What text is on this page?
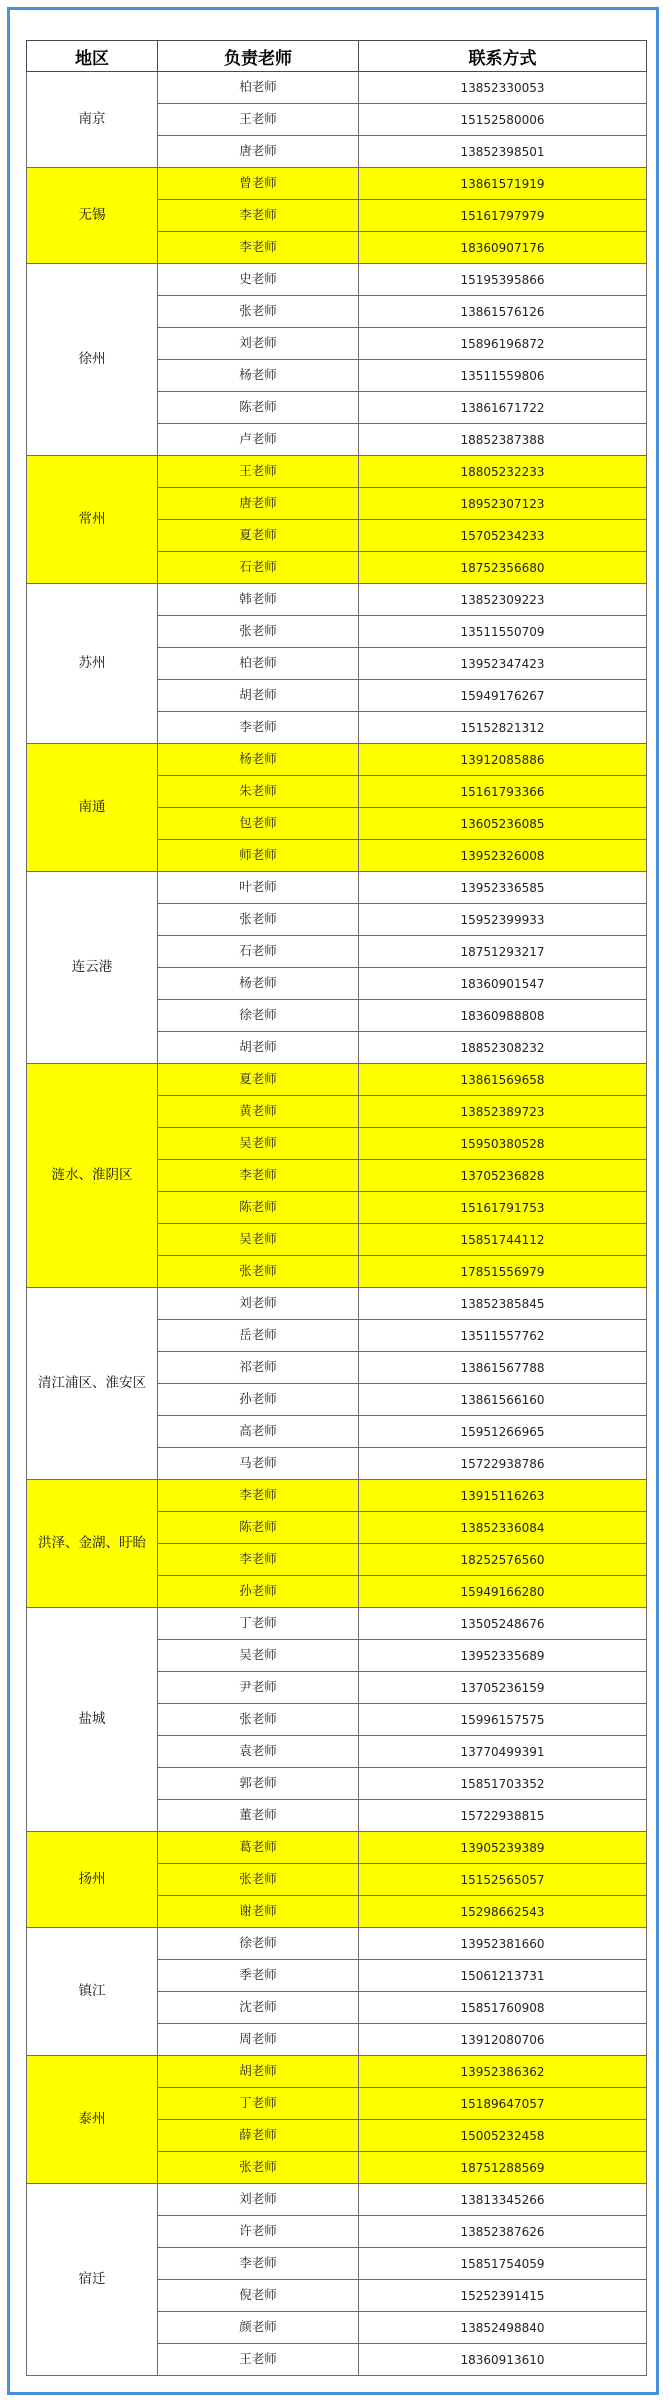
地区	负责老师	联系方式
南京	柏老师	13852330053
	王老师	15152580006
	唐老师	13852398501
无锡	曾老师	13861571919
	李老师	15161797979
	李老师	18360907176
徐州	史老师	15195395866
	张老师	13861576126
	刘老师	15896196872
	杨老师	13511559806
	陈老师	13861671722
	卢老师	18852387388
常州	王老师	18805232233
	唐老师	18952307123
	夏老师	15705234233
	石老师	18752356680
苏州	韩老师	13852309223
	张老师	13511550709
	柏老师	13952347423
	胡老师	15949176267
	李老师	15152821312
南通	杨老师	13912085886
	朱老师	15161793366
	包老师	13605236085
	师老师	13952326008
连云港	叶老师	13952336585
	张老师	15952399933
	石老师	18751293217
	杨老师	18360901547
	徐老师	18360988808
	胡老师	18852308232
涟水、淮阴区	夏老师	13861569658
	黄老师	13852389723
	吴老师	15950380528
	李老师	13705236828
	陈老师	15161791753
	吴老师	15851744112
	张老师	17851556979
清江浦区、淮安区	刘老师	13852385845
	岳老师	13511557762
	祁老师	13861567788
	孙老师	13861566160
	高老师	15951266965
	马老师	15722938786
洪泽、金湖、盱眙	李老师	13915116263
	陈老师	13852336084
	李老师	18252576560
	孙老师	15949166280
盐城	丁老师	13505248676
	吴老师	13952335689
	尹老师	13705236159
	张老师	15996157575
	袁老师	13770499391
	郭老师	15851703352
	董老师	15722938815
扬州	葛老师	13905239389
	张老师	15152565057
	谢老师	15298662543
镇江	徐老师	13952381660
	季老师	15061213731
	沈老师	15851760908
	周老师	13912080706
泰州	胡老师	13952386362
	丁老师	15189647057
	薛老师	15005232458
	张老师	18751288569
宿迁	刘老师	13813345266
	许老师	13852387626
	李老师	15851754059
	倪老师	15252391415
	颜老师	13852498840
	王老师	18360913610
